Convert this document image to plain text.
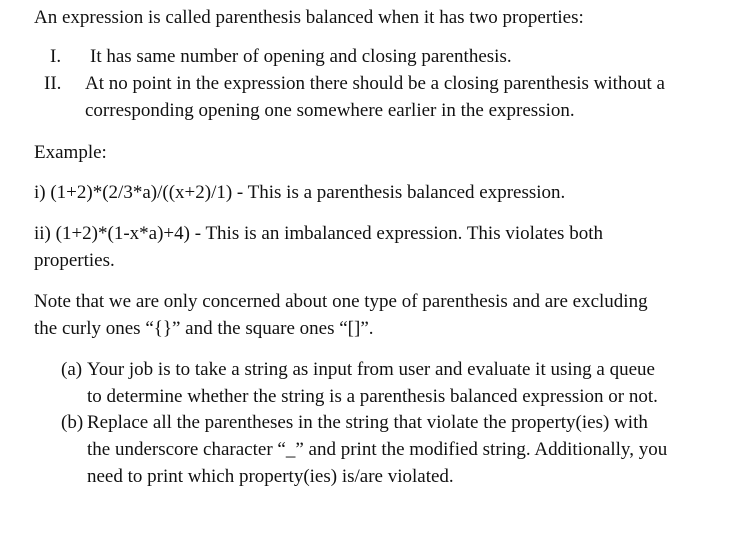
An expression is called parenthesis balanced when it has two properties:
I. It has same number of opening and closing parenthesis.
II. At no point in the expression there should be a closing parenthesis without a
corresponding opening one somewhere earlier in the expression.
Example:
i) (1+2)*(2/3*a)/((x+2)/1) - This is a parenthesis balanced expression.
ii) (1+2)*(1-x*a)+4) - This is an imbalanced expression. This violates both
properties.
Note that we are only concerned about one type of parenthesis and are excluding
the curly ones “{}” and the square ones “[]”.
(a) Your job is to take a string as input from user and evaluate it using a queue
to determine whether the string is a parenthesis balanced expression or not.
(b) Replace all the parentheses in the string that violate the property(ies) with
the underscore character “_” and print the modified string. Additionally, you
need to print which property(ies) is/are violated.
